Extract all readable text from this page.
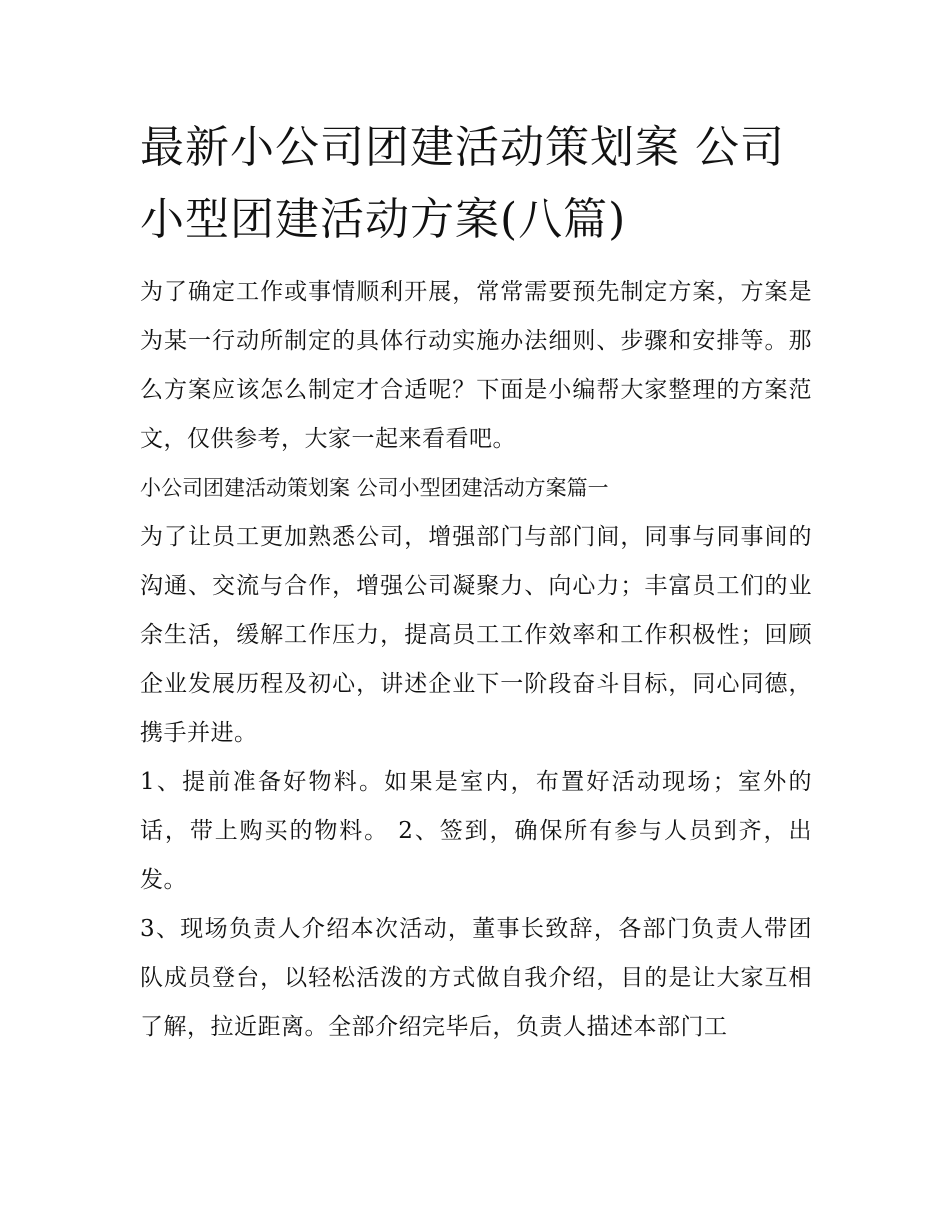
最新小公司团建活动策划案 公司小型团建活动方案(八篇)

为了确定工作或事情顺利开展，常常需要预先制定方案，方案是为某一行动所制定的具体行动实施办法细则、步骤和安排等。那么方案应该怎么制定才合适呢？下面是小编帮大家整理的方案范文，仅供参考，大家一起来看看吧。

小公司团建活动策划案 公司小型团建活动方案篇一

为了让员工更加熟悉公司，增强部门与部门间，同事与同事间的沟通、交流与合作，增强公司凝聚力、向心力；丰富员工们的业余生活，缓解工作压力，提高员工工作效率和工作积极性；回顾企业发展历程及初心，讲述企业下一阶段奋斗目标，同心同德，携手并进。

1、提前准备好物料。如果是室内，布置好活动现场；室外的话，带上购买的物料。 2、签到，确保所有参与人员到齐，出发。

3、现场负责人介绍本次活动，董事长致辞，各部门负责人带团队成员登台，以轻松活泼的方式做自我介绍，目的是让大家互相了解，拉近距离。全部介绍完毕后，负责人描述本部门工
